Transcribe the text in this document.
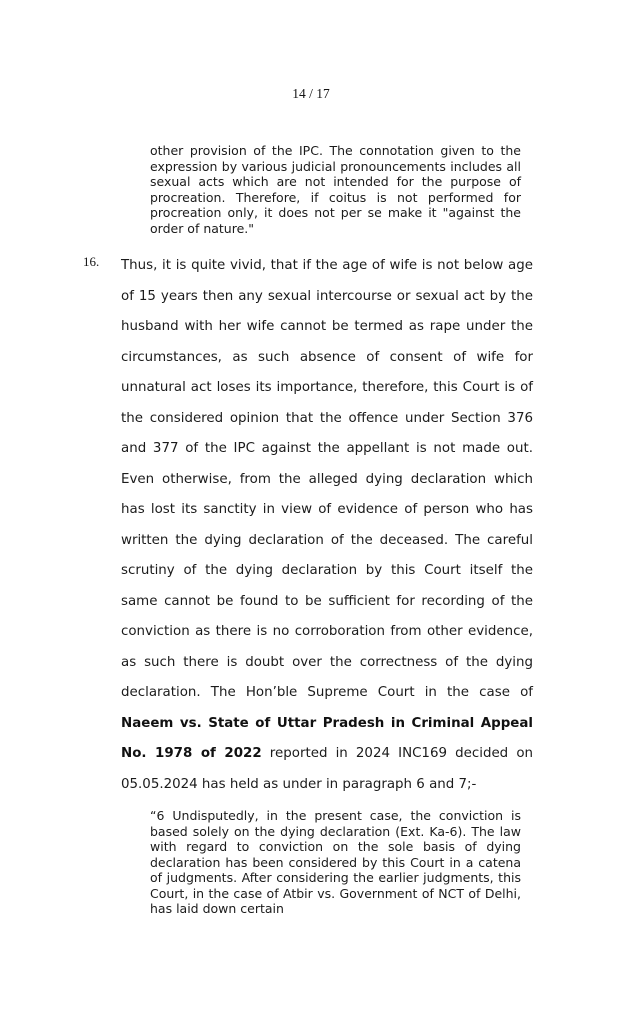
14 / 17
other provision of the IPC. The connotation given to the expression by various judicial pronouncements includes all sexual acts which are not intended for the purpose of procreation. Therefore, if coitus is not performed for procreation only, it does not per se make it "against the order of nature."
16. Thus, it is quite vivid, that if the age of wife is not below age of 15 years then any sexual intercourse or sexual act by the husband with her wife cannot be termed as rape under the circumstances, as such absence of consent of wife for unnatural act loses its importance, therefore, this Court is of the considered opinion that the offence under Section 376 and 377 of the IPC against the appellant is not made out. Even otherwise, from the alleged dying declaration which has lost its sanctity in view of evidence of person who has written the dying declaration of the deceased. The careful scrutiny of the dying declaration by this Court itself the same cannot be found to be sufficient for recording of the conviction as there is no corroboration from other evidence, as such there is doubt over the correctness of the dying declaration. The Hon’ble Supreme Court in the case of Naeem vs. State of Uttar Pradesh in Criminal Appeal No. 1978 of 2022 reported in 2024 INC169 decided on 05.05.2024 has held as under in paragraph 6 and 7;-
“6 Undisputedly, in the present case, the conviction is based solely on the dying declaration (Ext. Ka-6). The law with regard to conviction on the sole basis of dying declaration has been considered by this Court in a catena of judgments. After considering the earlier judgments, this Court, in the case of Atbir vs. Government of NCT of Delhi, has laid down certain
